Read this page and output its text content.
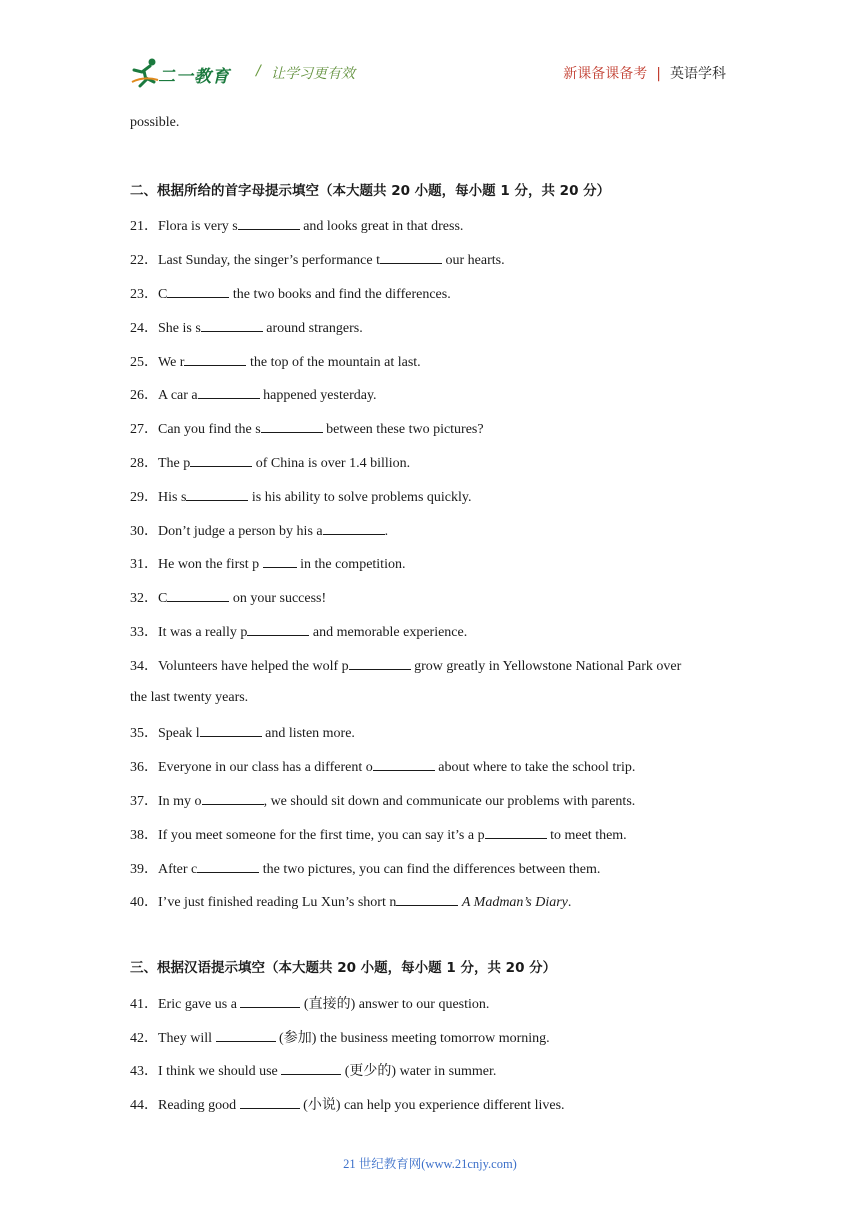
二一教育 / 让学习更有效	新课备课备考 | 英语学科
possible.
二、根据所给的首字母提示填空（本大题共 20 小题，每小题 1 分，共 20 分）
21．Flora is very s	and looks great in that dress.
22．Last Sunday, the singer’s performance t	our hearts.
23．C	the two books and find the differences.
24．She is s	around strangers.
25．We r	the top of the mountain at last.
26．A car a	happened yesterday.
27．Can you find the s	between these two pictures?
28．The p	of China is over 1.4 billion.
29．His s	is his ability to solve problems quickly.
30．Don’t judge a person by his a	.
31．He won the first p  in the competition.
32．C	on your success!
33．It was a really p	and memorable experience.
34．Volunteers have helped the wolf p	grow greatly in Yellowstone National Park over
the last twenty years.
35．Speak l	and listen more.
36．Everyone in our class has a different o	about where to take the school trip.
37．In my o	, we should sit down and communicate our problems with parents.
38．If you meet someone for the first time, you can say it’s a p	to meet them.
39．After c	the two pictures, you can find the differences between them.
40．I’ve just finished reading Lu Xun’s short n	A Madman’s Diary.
三、根据汉语提示填空（本大题共 20 小题，每小题 1 分，共 20 分）
41．Eric gave us a	(直接的) answer to our question.
42．They will	(参加) the business meeting tomorrow morning.
43．I think we should use	(更少的) water in summer.
44．Reading good	(小说) can help you experience different lives.
21 世纪教育网(www.21cnjy.com)
